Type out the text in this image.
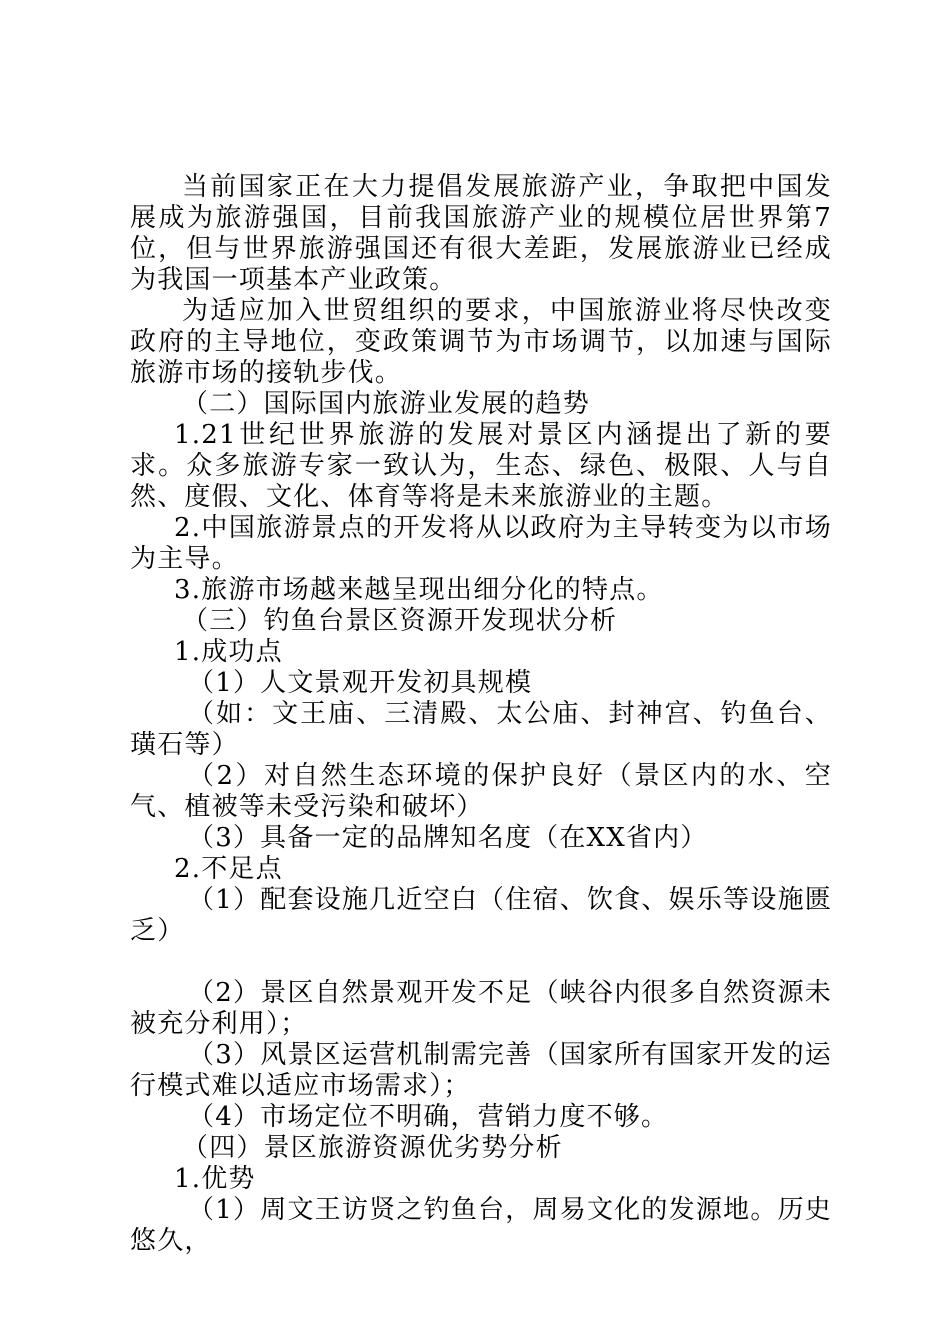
当前国家正在大力提倡发展旅游产业，争取把中国发展成为旅游强国，目前我国旅游产业的规模位居世界第7位，但与世界旅游强国还有很大差距，发展旅游业已经成为我国一项基本产业政策。

为适应加入世贸组织的要求，中国旅游业将尽快改变政府的主导地位，变政策调节为市场调节，以加速与国际旅游市场的接轨步伐。

（二）国际国内旅游业发展的趋势

1.21世纪世界旅游的发展对景区内涵提出了新的要求。众多旅游专家一致认为，生态、绿色、极限、人与自然、度假、文化、体育等将是未来旅游业的主题。

2.中国旅游景点的开发将从以政府为主导转变为以市场为主导。

3.旅游市场越来越呈现出细分化的特点。

（三）钓鱼台景区资源开发现状分析

1.成功点

（1）人文景观开发初具规模

（如：文王庙、三清殿、太公庙、封神宫、钓鱼台、璜石等）

（2）对自然生态环境的保护良好（景区内的水、空气、植被等未受污染和破坏）

（3）具备一定的品牌知名度（在XX省内）

2.不足点

（1）配套设施几近空白（住宿、饮食、娱乐等设施匮乏）

（2）景区自然景观开发不足（峡谷内很多自然资源未被充分利用）；

（3）风景区运营机制需完善（国家所有国家开发的运行模式难以适应市场需求）；

（4）市场定位不明确，营销力度不够。

（四）景区旅游资源优劣势分析

1.优势

（1）周文王访贤之钓鱼台，周易文化的发源地。历史悠久，
